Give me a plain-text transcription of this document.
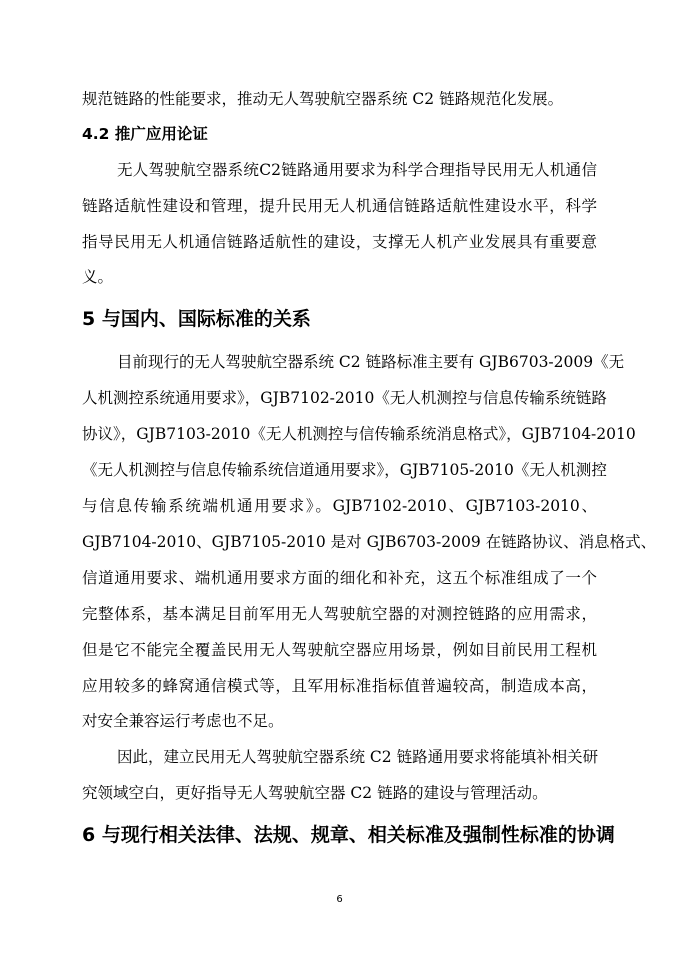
规范链路的性能要求，推动无人驾驶航空器系统 C2 链路规范化发展。
4.2 推广应用论证
无人驾驶航空器系统C2链路通用要求为科学合理指导民用无人机通信
链路适航性建设和管理，提升民用无人机通信链路适航性建设水平，科学
指导民用无人机通信链路适航性的建设，支撑无人机产业发展具有重要意
义。
5 与国内、国际标准的关系
目前现行的无人驾驶航空器系统 C2 链路标准主要有 GJB6703-2009《无
人机测控系统通用要求》，GJB7102-2010《无人机测控与信息传输系统链路
协议》，GJB7103-2010《无人机测控与信传输系统消息格式》，GJB7104-2010
《无人机测控与信息传输系统信道通用要求》，GJB7105-2010《无人机测控
与信息传输系统端机通用要求》。GJB7102-2010、GJB7103-2010、
GJB7104-2010、GJB7105-2010 是对 GJB6703-2009 在链路协议、消息格式、
信道通用要求、端机通用要求方面的细化和补充，这五个标准组成了一个
完整体系，基本满足目前军用无人驾驶航空器的对测控链路的应用需求，
但是它不能完全覆盖民用无人驾驶航空器应用场景，例如目前民用工程机
应用较多的蜂窝通信模式等，且军用标准指标值普遍较高，制造成本高，
对安全兼容运行考虑也不足。
因此，建立民用无人驾驶航空器系统 C2 链路通用要求将能填补相关研
究领域空白，更好指导无人驾驶航空器 C2 链路的建设与管理活动。
6 与现行相关法律、法规、规章、相关标准及强制性标准的协调
6
